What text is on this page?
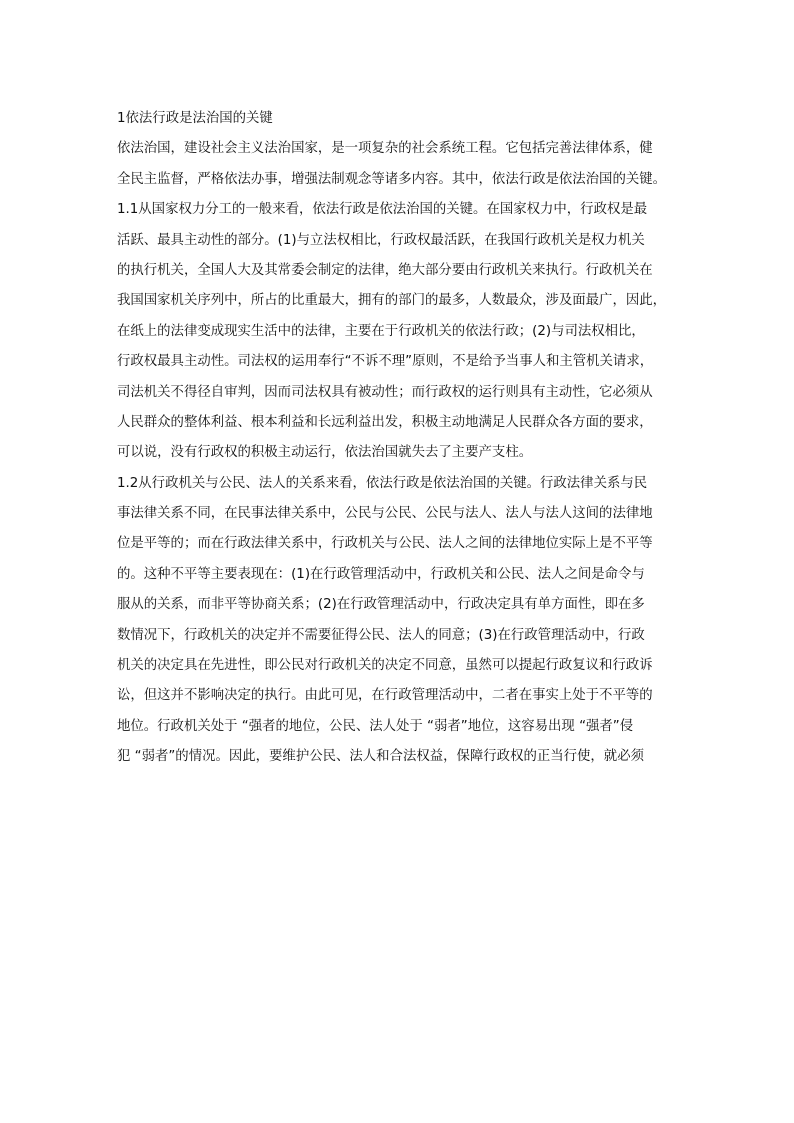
1依法行政是法治国的关键
依法治国，建设社会主义法治国家，是一项复杂的社会系统工程。它包括完善法律体系，健
全民主监督，严格依法办事，增强法制观念等诸多内容。其中，依法行政是依法治国的关键。
1.1从国家权力分工的一般来看，依法行政是依法治国的关键。在国家权力中，行政权是最
活跃、最具主动性的部分。(1)与立法权相比，行政权最活跃，在我国行政机关是权力机关
的执行机关，全国人大及其常委会制定的法律，绝大部分要由行政机关来执行。行政机关在
我国国家机关序列中，所占的比重最大，拥有的部门的最多，人数最众，涉及面最广，因此，
在纸上的法律变成现实生活中的法律，主要在于行政机关的依法行政；(2)与司法权相比，
行政权最具主动性。司法权的运用奉行“不诉不理”原则，不是给予当事人和主管机关请求，
司法机关不得径自审判，因而司法权具有被动性；而行政权的运行则具有主动性，它必须从
人民群众的整体利益、根本利益和长远利益出发，积极主动地满足人民群众各方面的要求，
可以说，没有行政权的积极主动运行，依法治国就失去了主要产支柱。
1.2从行政机关与公民、法人的关系来看，依法行政是依法治国的关键。行政法律关系与民
事法律关系不同，在民事法律关系中，公民与公民、公民与法人、法人与法人这间的法律地
位是平等的；而在行政法律关系中，行政机关与公民、法人之间的法律地位实际上是不平等
的。这种不平等主要表现在：(1)在行政管理活动中，行政机关和公民、法人之间是命令与
服从的关系，而非平等协商关系；(2)在行政管理活动中，行政决定具有单方面性，即在多
数情况下，行政机关的决定并不需要征得公民、法人的同意；(3)在行政管理活动中，行政
机关的决定具在先进性，即公民对行政机关的决定不同意，虽然可以提起行政复议和行政诉
讼，但这并不影响决定的执行。由此可见，在行政管理活动中，二者在事实上处于不平等的
地位。行政机关处于 “强者的地位，公民、法人处于 “弱者”地位，这容易出现 “强者”侵
犯 “弱者”的情况。因此，要维护公民、法人和合法权益，保障行政权的正当行使，就必须
